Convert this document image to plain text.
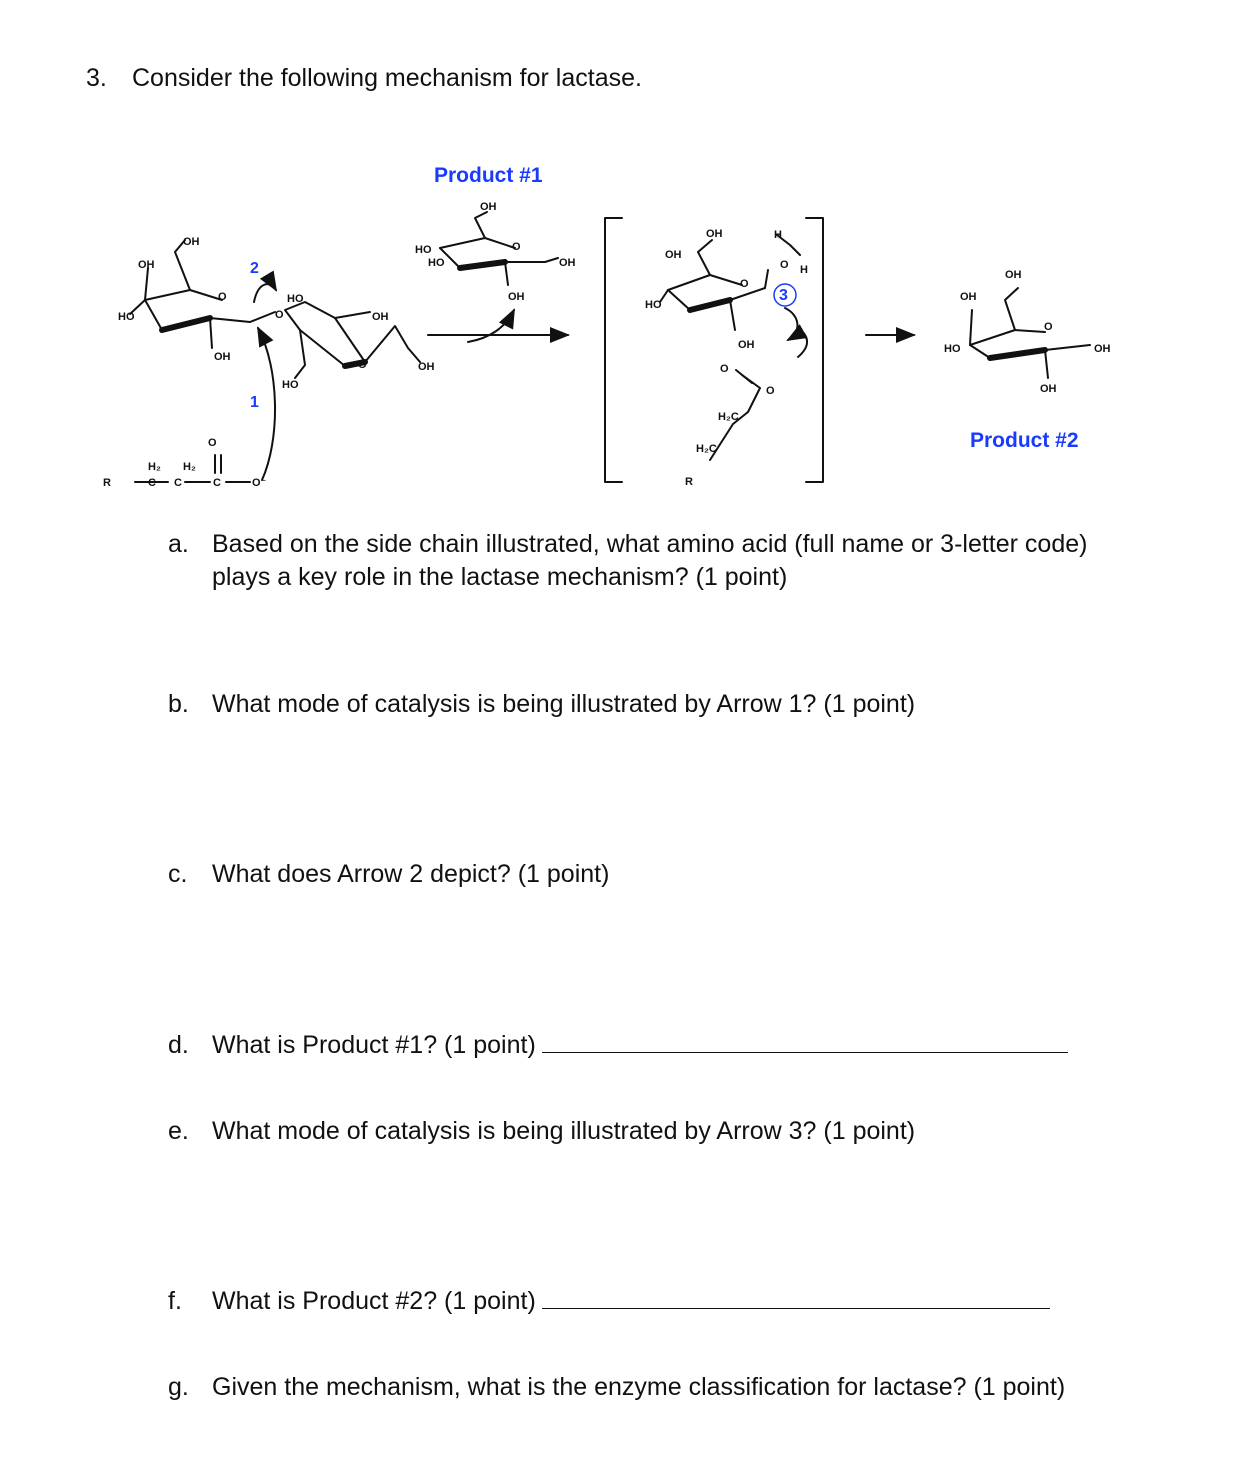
3. Consider the following mechanism for lactase.
OH
OH
HO
O
OH
HO
O	OH
O
HO
OH
O
R
H₂
C
H₂
C	C	O⁻
OH
HO
HO
O
OH
OH
OH
OH
HO
O
OH
H
O H
O
O
H₂C
H₂C
R
OH
OH
HO
O
OH
OH
Product #1
Product #2
1
2
3
a. Based on the side chain illustrated, what amino acid (full name or 3-letter code)
plays a key role in the lactase mechanism? (1 point)
b. What mode of catalysis is being illustrated by Arrow 1? (1 point)
c. What does Arrow 2 depict? (1 point)
d. What is Product #1? (1 point)
e. What mode of catalysis is being illustrated by Arrow 3? (1 point)
f.	What is Product #2? (1 point)
g. Given the mechanism, what is the enzyme classification for lactase? (1 point)
